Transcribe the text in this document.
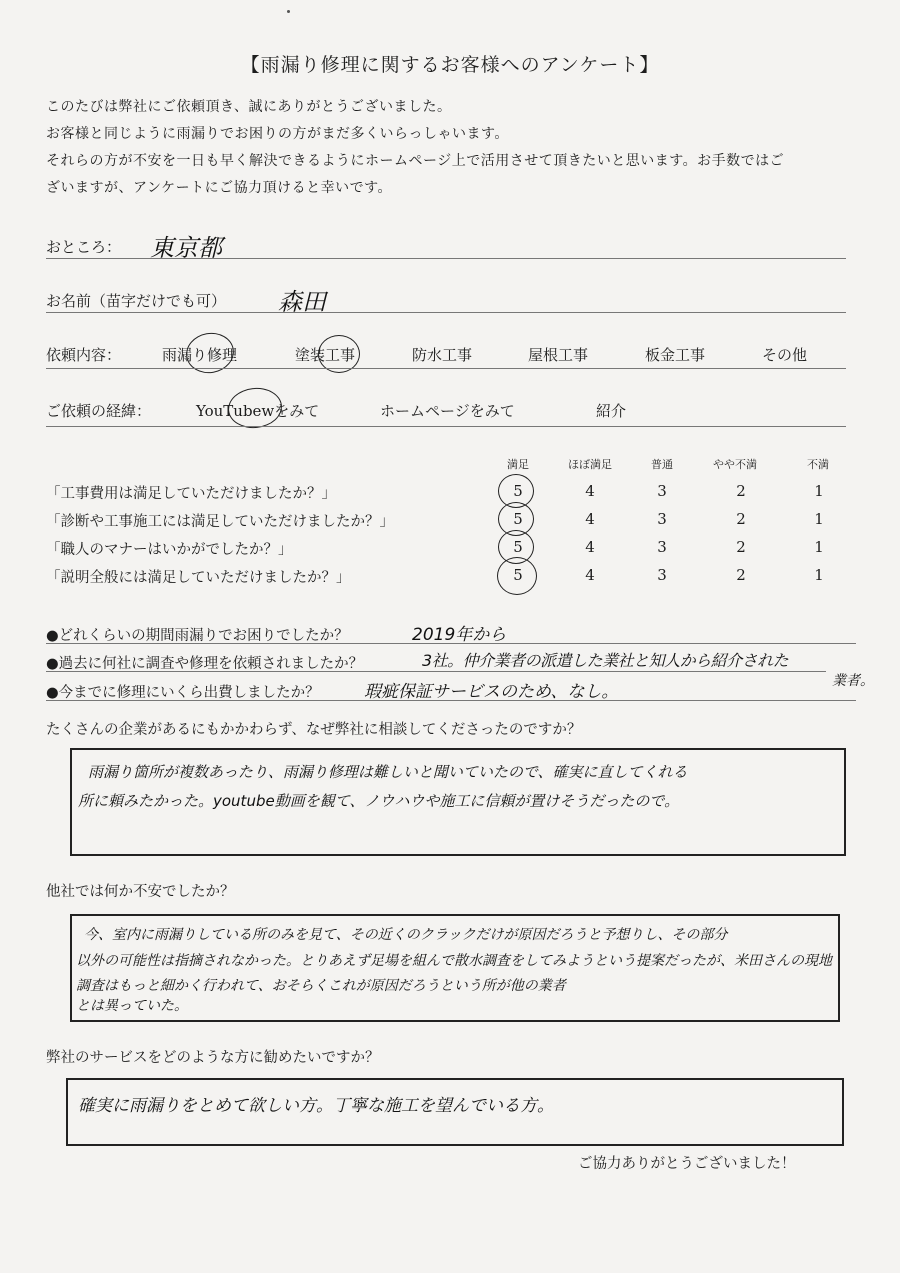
【雨漏り修理に関するお客様へのアンケート】
このたびは弊社にご依頼頂き、誠にありがとうございました。
お客様と同じように雨漏りでお困りの方がまだ多くいらっしゃいます。
それらの方が不安を一日も早く解決できるようにホームページ上で活用させて頂きたいと思います。お手数ではご
ざいますが、アンケートにご協力頂けると幸いです。
おところ： 東京都
お名前（苗字だけでも可） 森田
依頼内容：	雨漏り修理	塗装工事	防水工事	屋根工事	板金工事	その他
ご依頼の経緯：	YouTubewをみて	ホームページをみて	紹介
満足	ほぼ満足	普通	やや不満	不満
「工事費用は満足していただけましたか？」	5	4	3	2	1
「診断や工事施工には満足していただけましたか？」	5	4	3	2	1
「職人のマナーはいかがでしたか？」	5	4	3	2	1
「説明全般には満足していただけましたか？」	5	4	3	2	1
●どれくらいの期間雨漏りでお困りでしたか？	2019年から
●過去に何社に調査や修理を依頼されましたか？	3社。仲介業者の派遣した業社と知人から紹介された
業者。
●今までに修理にいくら出費しましたか？	瑕疵保証サービスのため、なし。
たくさんの企業があるにもかかわらず、なぜ弊社に相談してくださったのですか？
雨漏り箇所が複数あったり、雨漏り修理は難しいと聞いていたので、確実に直してくれる
所に頼みたかった。youtube動画を観て、ノウハウや施工に信頼が置けそうだったので。
他社では何か不安でしたか？
今、室内に雨漏りしている所のみを見て、その近くのクラックだけが原因だろうと予想りし、その部分
以外の可能性は指摘されなかった。とりあえず足場を組んで散水調査をしてみようという提案だったが、米田さんの現地調査はもっと細かく行われて、おそらくこれが原因だろうという所が他の業者
とは異っていた。
弊社のサービスをどのような方に勧めたいですか？
確実に雨漏りをとめて欲しい方。丁寧な施工を望んでいる方。
ご協力ありがとうございました！
